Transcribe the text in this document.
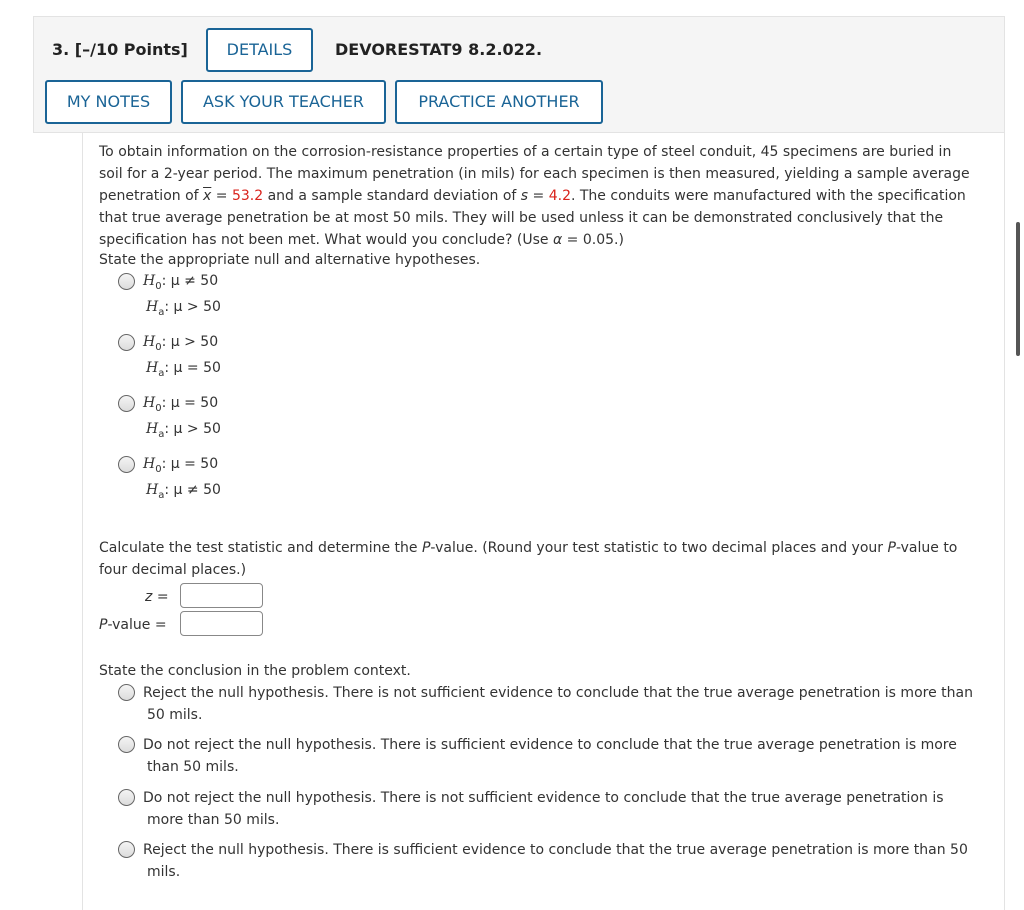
3. [–/10 Points]	DETAILS	DEVORESTAT9 8.2.022.
MY NOTES	ASK YOUR TEACHER	PRACTICE ANOTHER
To obtain information on the corrosion-resistance properties of a certain type of steel conduit, 45 specimens are buried in
soil for a 2-year period. The maximum penetration (in mils) for each specimen is then measured, yielding a sample average
penetration of $\overline{x} = 53.2$ and a sample standard deviation of s = 4.2. The conduits were manufactured with the specification
that true average penetration be at most 50 mils. They will be used unless it can be demonstrated conclusively that the
specification has not been met. What would you conclude? (Use α = 0.05.)
State the appropriate null and alternative hypotheses.
$H_0$: μ ≠ 50
$H_a$: μ > 50
$H_0$: μ > 50
$H_a$: μ = 50
$H_0$: μ = 50
$H_a$: μ > 50
$H_0$: μ = 50
$H_a$: μ ≠ 50
Calculate the test statistic and determine the P-value. (Round your test statistic to two decimal places and your P-value to
four decimal places.)
z =
P-value =
State the conclusion in the problem context.
Reject the null hypothesis. There is not sufficient evidence to conclude that the true average penetration is more than
50 mils.
Do not reject the null hypothesis. There is sufficient evidence to conclude that the true average penetration is more
than 50 mils.
Do not reject the null hypothesis. There is not sufficient evidence to conclude that the true average penetration is
more than 50 mils.
Reject the null hypothesis. There is sufficient evidence to conclude that the true average penetration is more than 50
mils.
